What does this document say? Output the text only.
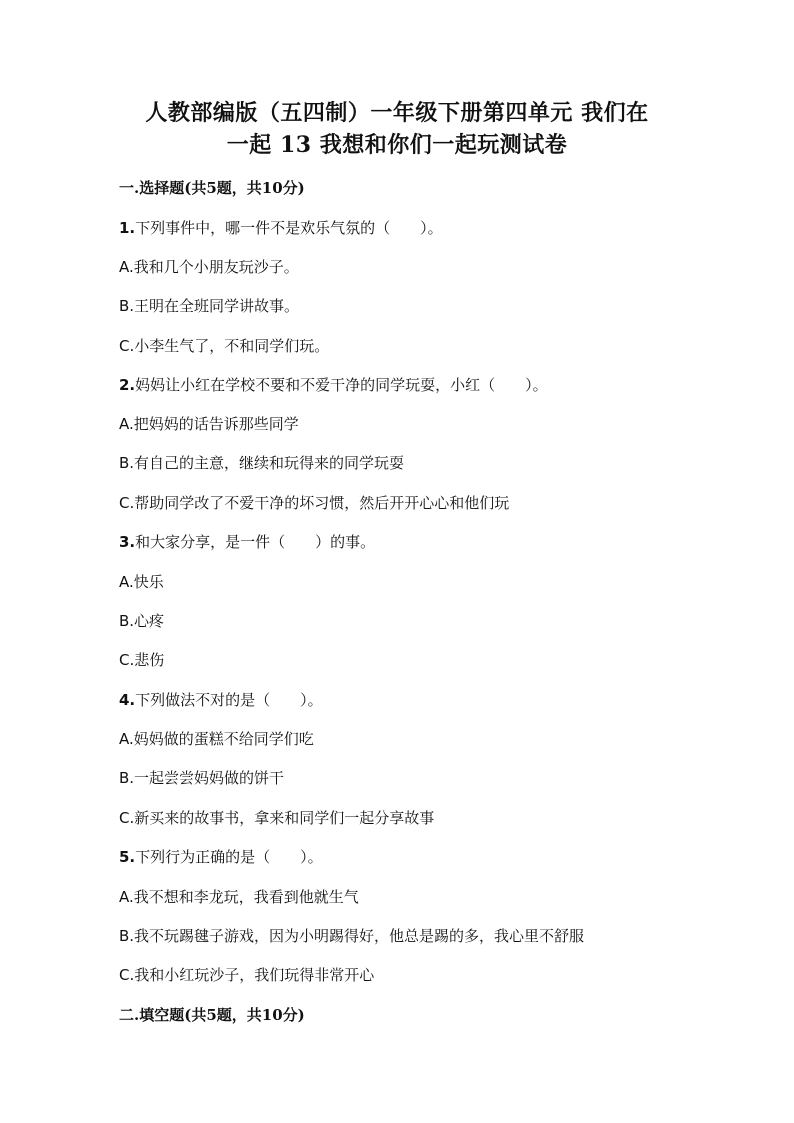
人教部编版（五四制）一年级下册第四单元 我们在
一起 13 我想和你们一起玩测试卷

一.选择题(共5题，共10分)

1.下列事件中，哪一件不是欢乐气氛的（　　）。

A.我和几个小朋友玩沙子。

B.王明在全班同学讲故事。

C.小李生气了，不和同学们玩。

2.妈妈让小红在学校不要和不爱干净的同学玩耍，小红（　　）。

A.把妈妈的话告诉那些同学

B.有自己的主意，继续和玩得来的同学玩耍

C.帮助同学改了不爱干净的坏习惯，然后开开心心和他们玩

3.和大家分享，是一件（　　）的事。

A.快乐

B.心疼

C.悲伤

4.下列做法不对的是（　　）。

A.妈妈做的蛋糕不给同学们吃

B.一起尝尝妈妈做的饼干

C.新买来的故事书，拿来和同学们一起分享故事

5.下列行为正确的是（　　）。

A.我不想和李龙玩，我看到他就生气

B.我不玩踢毽子游戏，因为小明踢得好，他总是踢的多，我心里不舒服

C.我和小红玩沙子，我们玩得非常开心

二.填空题(共5题，共10分)
